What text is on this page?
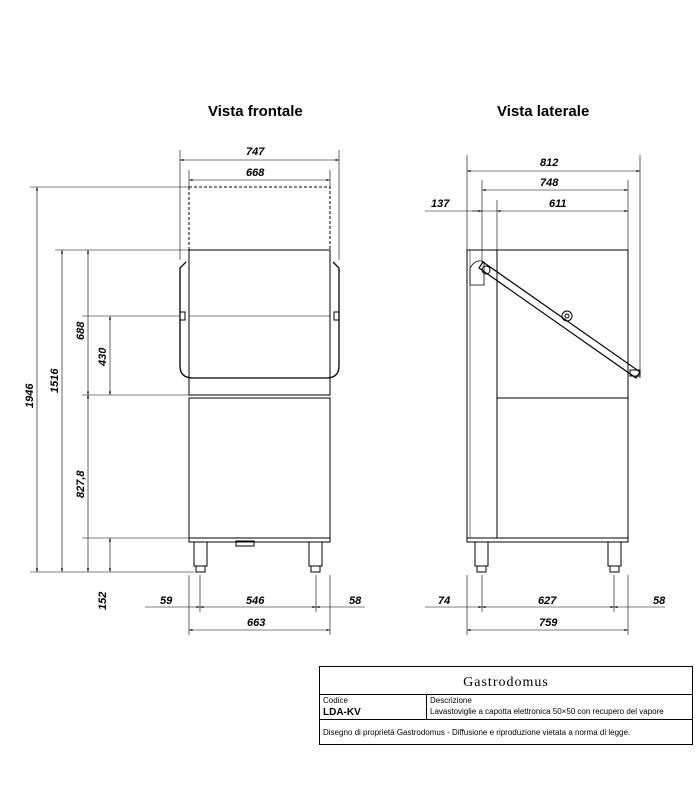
Vista frontale	Vista laterale
747
668
1946
1516
688
430
827,8
152	59	546	58
663
812
748
137	611
74	627	58
759
Gastrodomus
Codice
LDA-KV
Descrizione
Lavastoviglie a capotta elettronica 50×50 con recupero del vapore
Disegno di proprietà Gastrodomus - Diffusione e riproduzione vietata a norma di legge.
